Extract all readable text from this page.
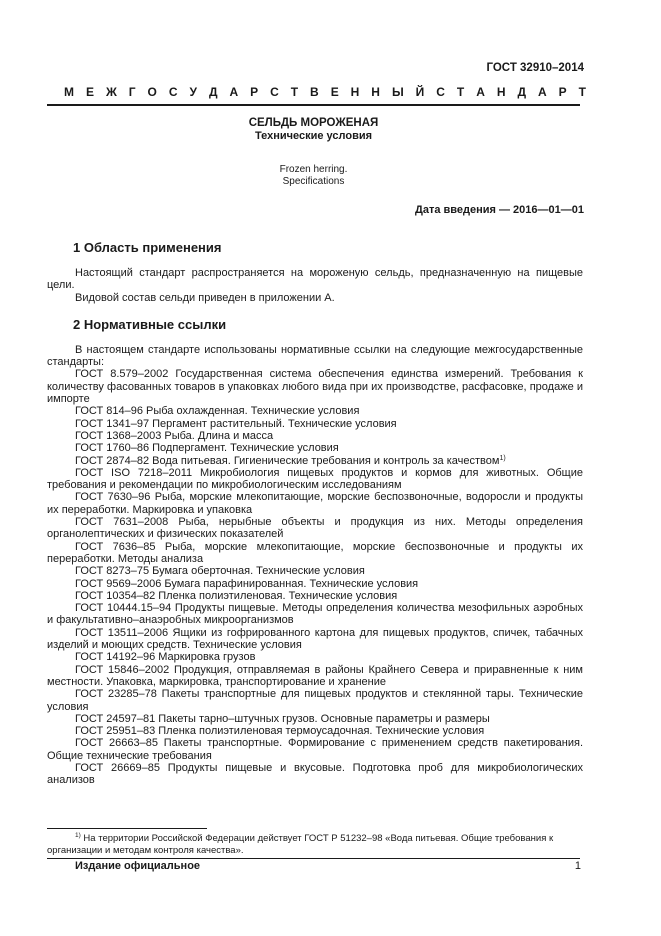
ГОСТ 32910–2014
М Е Ж Г О С У Д А Р С Т В Е Н Н Ы Й С Т А Н Д А Р Т
СЕЛЬДЬ МОРОЖЕНАЯ
Технические условия
Frozen herring.
Specifications
Дата введения — 2016—01—01
1 Область применения

Настоящий стандарт распространяется на мороженую сельдь, предназначенную на пищевые цели.

Видовой состав сельди приведен в приложении А.

2 Нормативные ссылки

В настоящем стандарте использованы нормативные ссылки на следующие межгосударственные стандарты:

ГОСТ 8.579–2002 Государственная система обеспечения единства измерений. Требования к количеству фасованных товаров в упаковках любого вида при их производстве, расфасовке, продаже и импорте

ГОСТ 814–96 Рыба охлажденная. Технические условия

ГОСТ 1341–97 Пергамент растительный. Технические условия

ГОСТ 1368–2003 Рыба. Длина и масса

ГОСТ 1760–86 Подпергамент. Технические условия

ГОСТ 2874–82 Вода питьевая. Гигиенические требования и контроль за качеством$^{1)}$

ГОСТ ISO 7218–2011 Микробиология пищевых продуктов и кормов для животных. Общие требования и рекомендации по микробиологическим исследованиям

ГОСТ 7630–96 Рыба, морские млекопитающие, морские беспозвоночные, водоросли и продукты их переработки. Маркировка и упаковка

ГОСТ 7631–2008 Рыба, нерыбные объекты и продукция из них. Методы определения органолептических и физических показателей

ГОСТ 7636–85 Рыба, морские млекопитающие, морские беспозвоночные и продукты их переработки. Методы анализа

ГОСТ 8273–75 Бумага оберточная. Технические условия

ГОСТ 9569–2006 Бумага парафинированная. Технические условия

ГОСТ 10354–82 Пленка полиэтиленовая. Технические условия

ГОСТ 10444.15–94 Продукты пищевые. Методы определения количества мезофильных аэробных и факультативно–анаэробных микроорганизмов

ГОСТ 13511–2006 Ящики из гофрированного картона для пищевых продуктов, спичек, табачных изделий и моющих средств. Технические условия

ГОСТ 14192–96 Маркировка грузов

ГОСТ 15846–2002 Продукция, отправляемая в районы Крайнего Севера и приравненные к ним местности. Упаковка, маркировка, транспортирование и хранение

ГОСТ 23285–78 Пакеты транспортные для пищевых продуктов и стеклянной тары. Технические условия

ГОСТ 24597–81 Пакеты тарно–штучных грузов. Основные параметры и размеры

ГОСТ 25951–83 Пленка полиэтиленовая термоусадочная. Технические условия

ГОСТ 26663–85 Пакеты транспортные. Формирование с применением средств пакетирования. Общие технические требования

ГОСТ 26669–85 Продукты пищевые и вкусовые. Подготовка проб для микробиологических анализов

$^{1)}$ На территории Российской Федерации действует ГОСТ Р 51232–98 «Вода питьевая. Общие требования к организации и методам контроля качества».
Издание официальное	1
